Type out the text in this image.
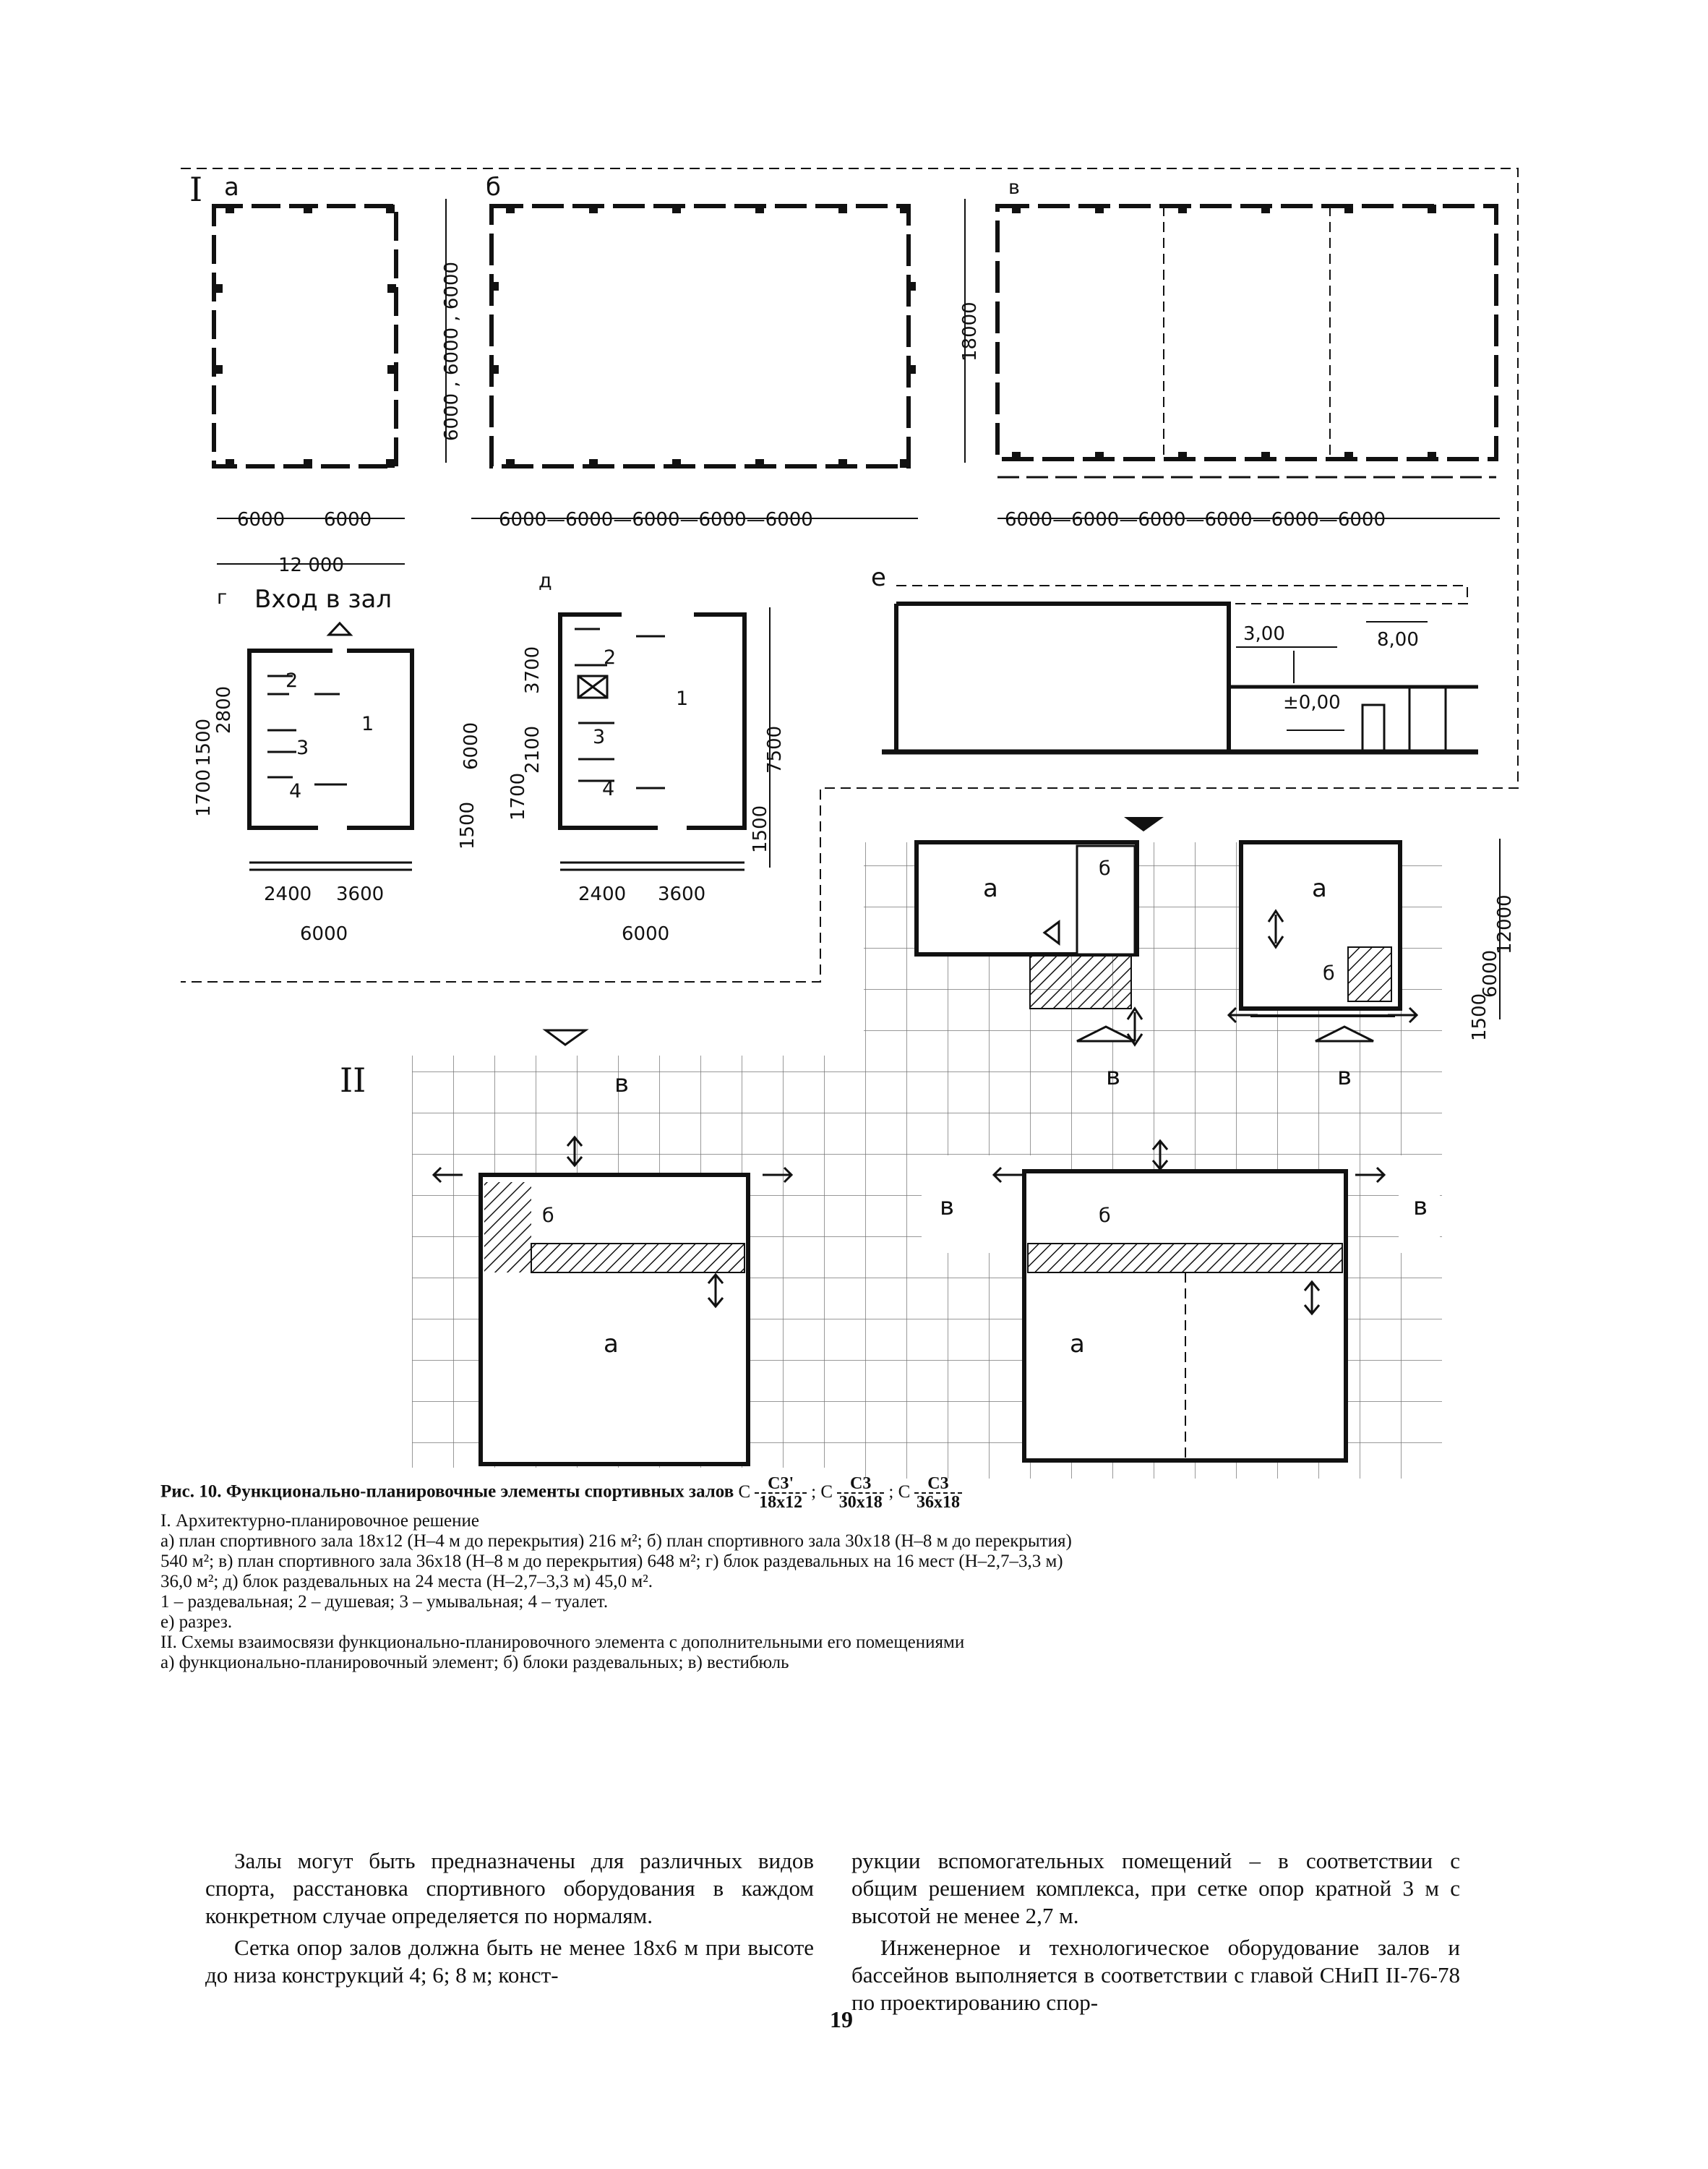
I а
6000 , 6000 , 6000
6000 6000
12 000
б
6000—6000—6000—6000—6000
18000
в
6000—6000—6000—6000—6000—6000
г Вход в зал
2
3
4
1
1700
1500
2800
6000
1500
2400 3600
6000
д
2
3
4
1
1700
2100
3700
7500
1500
2400 3600
6000
е
3,00	8,00
±0,00
а	а
б
б
в	в
в	в
б
а
12000
6000
1500
II	в
б
а
Рис. 10. Функционально-планировочные элементы спортивных залов С $\frac{С3'}{18x12}$ ; С $\frac{С3}{30x18}$ ; С $\frac{С3}{36x18}$
I. Архитектурно-планировочное решение
а) план спортивного зала 18x12 (H–4 м до перекрытия) 216 м²; б) план спортивного зала 30x18 (H–8 м до перекрытия)
540 м²; в) план спортивного зала 36x18 (H–8 м до перекрытия) 648 м²; г) блок раздевальных на 16 мест (H–2,7–3,3 м)
36,0 м²; д) блок раздевальных на 24 места (H–2,7–3,3 м) 45,0 м².
1 – раздевальная; 2 – душевая; 3 – умывальная; 4 – туалет.
е) разрез.
II. Схемы взаимосвязи функционально-планировочного элемента с дополнительными его помещениями
а) функционально-планировочный элемент; б) блоки раздевальных; в) вестибюль

Залы могут быть предназначены для различных видов спорта, расстановка спортивного оборудования в каждом конкретном случае определяется по нормалям.

Сетка опор залов должна быть не менее 18x6 м при высоте до низа конструкций 4; 6; 8 м; конст-

рукции вспомогательных помещений – в соответствии с общим решением комплекса, при сетке опор кратной 3 м с высотой не менее 2,7 м.

Инженерное и технологическое оборудование залов и бассейнов выполняется в соответствии с главой СНиП II-76-78 по проектированию спор-

19
